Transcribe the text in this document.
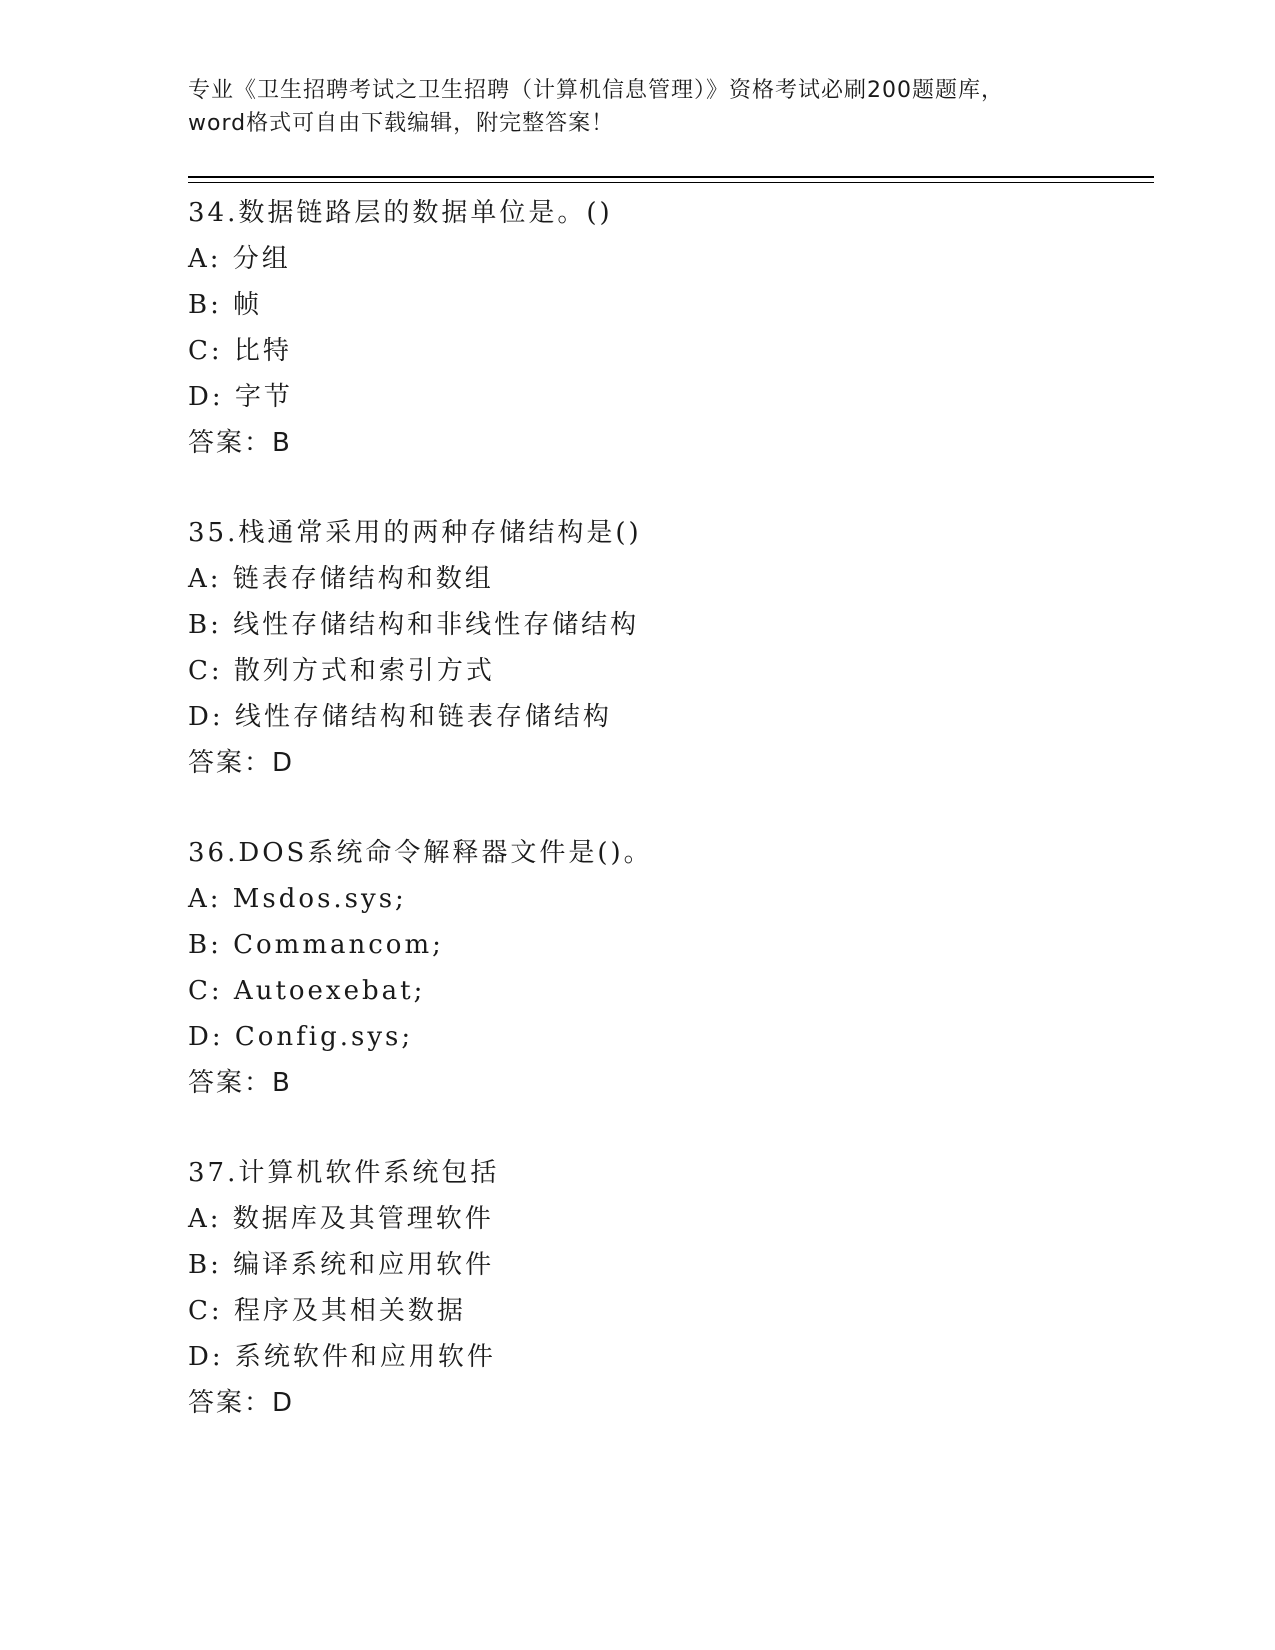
专业《卫生招聘考试之卫生招聘（计算机信息管理）》资格考试必刷200题题库，
word格式可自由下载编辑，附完整答案！
34.数据链路层的数据单位是。()
A: 分组
B: 帧
C: 比特
D: 字节
答案：B
35.栈通常采用的两种存储结构是()
A: 链表存储结构和数组
B: 线性存储结构和非线性存储结构
C: 散列方式和索引方式
D: 线性存储结构和链表存储结构
答案：D
36.DOS系统命令解释器文件是()。
A: Msdos.sys;
B: Commancom;
C: Autoexebat;
D: Config.sys;
答案：B
37.计算机软件系统包括
A: 数据库及其管理软件
B: 编译系统和应用软件
C: 程序及其相关数据
D: 系统软件和应用软件
答案：D
